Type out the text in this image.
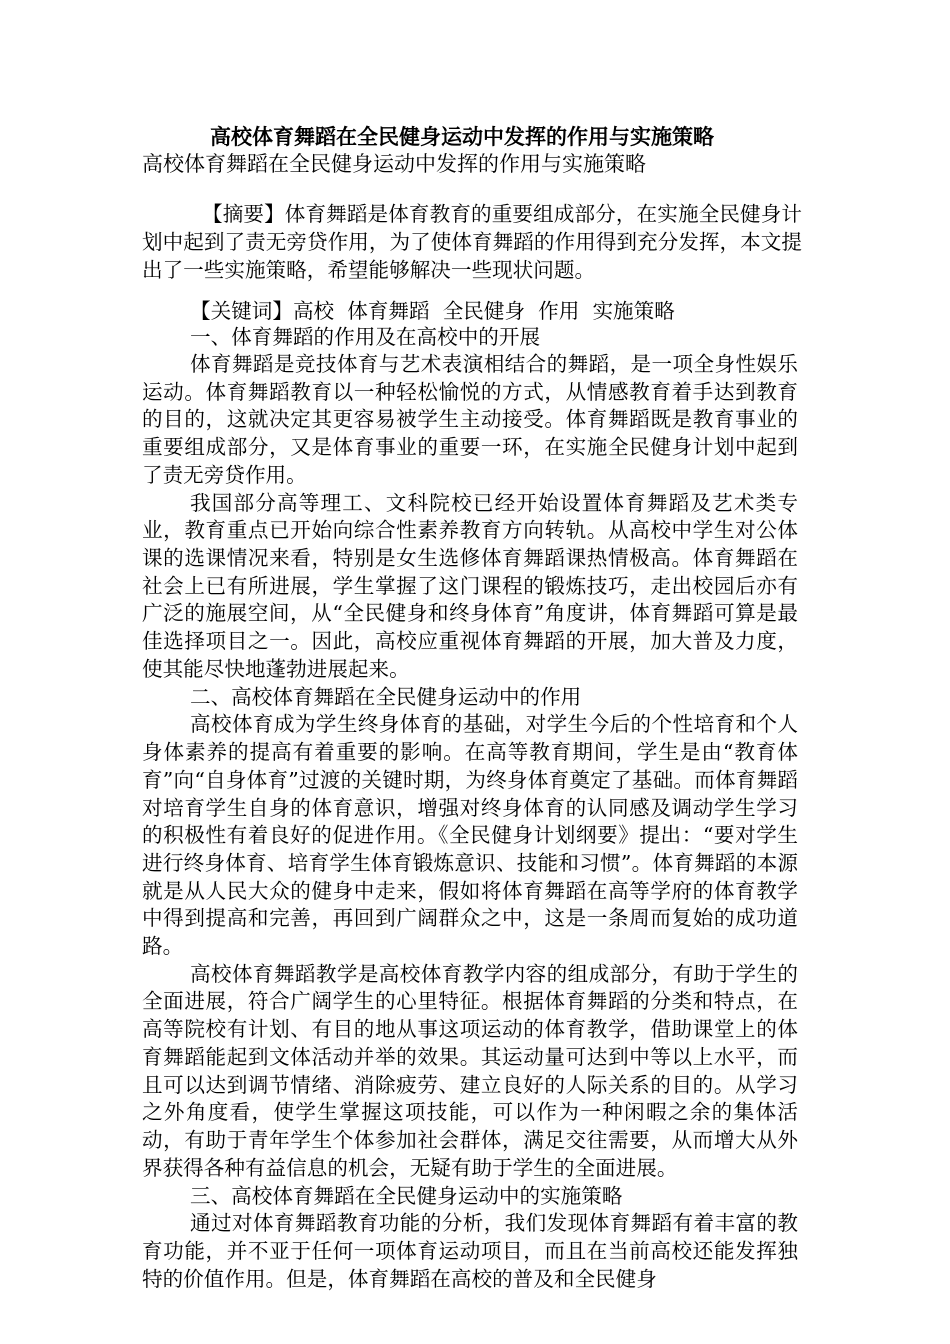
高校体育舞蹈在全民健身运动中发挥的作用与实施策略
高校体育舞蹈在全民健身运动中发挥的作用与实施策略

【摘要】体育舞蹈是体育教育的重要组成部分，在实施全民健身计划中起到了责无旁贷作用，为了使体育舞蹈的作用得到充分发挥，本文提出了一些实施策略，希望能够解决一些现状问题。

【关键词】高校  体育舞蹈  全民健身  作用  实施策略

一、体育舞蹈的作用及在高校中的开展

体育舞蹈是竞技体育与艺术表演相结合的舞蹈，是一项全身性娱乐运动。体育舞蹈教育以一种轻松愉悦的方式，从情感教育着手达到教育的目的，这就决定其更容易被学生主动接受。体育舞蹈既是教育事业的重要组成部分，又是体育事业的重要一环，在实施全民健身计划中起到了责无旁贷作用。

我国部分高等理工、文科院校已经开始设置体育舞蹈及艺术类专业，教育重点已开始向综合性素养教育方向转轨。从高校中学生对公体课的选课情况来看，特别是女生选修体育舞蹈课热情极高。体育舞蹈在社会上已有所进展，学生掌握了这门课程的锻炼技巧，走出校园后亦有广泛的施展空间，从“全民健身和终身体育”角度讲，体育舞蹈可算是最佳选择项目之一。因此，高校应重视体育舞蹈的开展，加大普及力度，使其能尽快地蓬勃进展起来。

二、高校体育舞蹈在全民健身运动中的作用

高校体育成为学生终身体育的基础，对学生今后的个性培育和个人身体素养的提高有着重要的影响。在高等教育期间，学生是由“教育体育”向“自身体育”过渡的关键时期，为终身体育奠定了基础。而体育舞蹈对培育学生自身的体育意识，增强对终身体育的认同感及调动学生学习的积极性有着良好的促进作用。《全民健身计划纲要》提出：“要对学生进行终身体育、培育学生体育锻炼意识、技能和习惯”。体育舞蹈的本源就是从人民大众的健身中走来，假如将体育舞蹈在高等学府的体育教学中得到提高和完善，再回到广阔群众之中，这是一条周而复始的成功道路。

高校体育舞蹈教学是高校体育教学内容的组成部分，有助于学生的全面进展，符合广阔学生的心里特征。根据体育舞蹈的分类和特点，在高等院校有计划、有目的地从事这项运动的体育教学，借助课堂上的体育舞蹈能起到文体活动并举的效果。其运动量可达到中等以上水平，而且可以达到调节情绪、消除疲劳、建立良好的人际关系的目的。从学习之外角度看，使学生掌握这项技能，可以作为一种闲暇之余的集体活动，有助于青年学生个体参加社会群体，满足交往需要，从而增大从外界获得各种有益信息的机会，无疑有助于学生的全面进展。

三、高校体育舞蹈在全民健身运动中的实施策略

通过对体育舞蹈教育功能的分析，我们发现体育舞蹈有着丰富的教育功能，并不亚于任何一项体育运动项目，而且在当前高校还能发挥独特的价值作用。但是，体育舞蹈在高校的普及和全民健身
